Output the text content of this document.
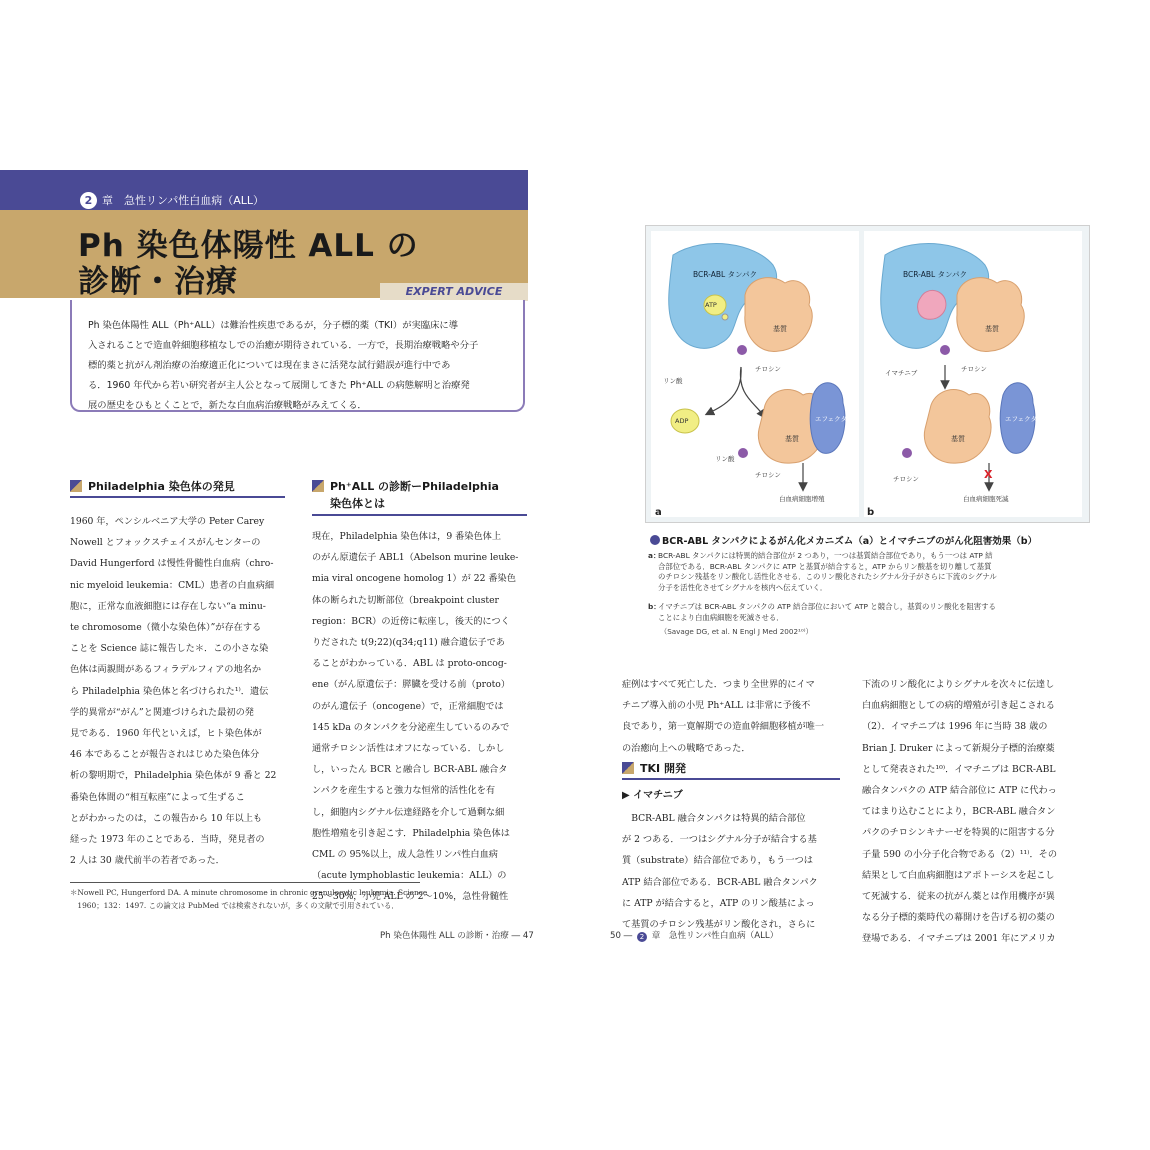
2 章　急性リンパ性白血病（ALL）
Ph 染色体陽性 ALL の
診断・治療	EXPERT ADVICE
Ph 染色体陽性 ALL（Ph⁺ALL）は難治性疾患であるが，分子標的薬（TKI）が実臨床に導
入されることで造血幹細胞移植なしでの治癒が期待されている．一方で，長期治療戦略や分子
標的薬と抗がん剤治療の治療適正化については現在まさに活発な試行錯誤が進行中であ
る．1960 年代から若い研究者が主人公となって展開してきた Ph⁺ALL の病態解明と治療発
展の歴史をひもとくことで，新たな白血病治療戦略がみえてくる．
Philadelphia 染色体の発見
1960 年，ペンシルベニア大学の Peter Carey
Nowell とフォックスチェイスがんセンターの
David Hungerford は慢性骨髄性白血病（chro-
nic myeloid leukemia：CML）患者の白血病細
胞に，正常な血液細胞には存在しない“a minu-
te chromosome（微小な染色体）”が存在する
ことを Science 誌に報告した＊．この小さな染
色体は両親間があるフィラデルフィアの地名か
ら Philadelphia 染色体と名づけられた¹⁾．遺伝
学的異常が“がん”と関連づけられた最初の発
見である．1960 年代といえば，ヒト染色体が
46 本であることが報告されはじめた染色体分
析の黎明期で，Philadelphia 染色体が 9 番と 22
番染色体間の“相互転座”によって生ずるこ
とがわかったのは，この報告から 10 年以上も
経った 1973 年のことである．当時，発見者の
2 人は 30 歳代前半の若者であった．
Ph⁺ALL の診断ーPhiladelphia
染色体とは
現在，Philadelphia 染色体は，9 番染色体上
のがん原遺伝子 ABL1（Abelson murine leuke-
mia viral oncogene homolog 1）が 22 番染色
体の断られた切断部位（breakpoint cluster
region：BCR）の近傍に転座し，後天的につく
りだされた t(9;22)(q34;q11) 融合遺伝子であ
ることがわかっている．ABL は proto-oncog-
ene（がん原遺伝子：膵臓を受ける前（proto）
のがん遺伝子（oncogene）で，正常細胞では
145 kDa のタンパクを分泌産生しているのみで
通常チロシン活性はオフになっている．しかし
し，いったん BCR と融合し BCR-ABL 融合タ
ンパクを産生すると強力な恒常的活性化を有
し，細胞内シグナル伝達経路を介して過剰な細
胞性増殖を引き起こす．Philadelphia 染色体は
CML の 95%以上，成人急性リンパ性白血病
（acute lymphoblastic leukemia：ALL）の
25〜30%，小児 ALL の 2〜10%，急性骨髄性
＊Nowell PC, Hungerford DA. A minute chromosome in chronic granulocytic leukemia. Science
　1960；132：1497. この論文は PubMed では検索されないが，多くの文献で引用されている．
Ph 染色体陽性 ALL の診断・治療 ― 47
BCR-ABL タンパク
ATP
基質
チロシン
リン酸
ADP
基質
エフェクター
リン酸
チロシン
白血病細胞増殖
a
BCR-ABL タンパク
基質
イマチニブ	チロシン
基質
エフェクター
チロシン	X
白血病細胞死滅
b
BCR-ABL タンパクによるがん化メカニズム（a）とイマチニブのがん化阻害効果（b）
a：BCR-ABL タンパクには特異的結合部位が 2 つあり，一つは基質結合部位であり，もう一つは ATP 結
合部位である．BCR-ABL タンパクに ATP と基質が結合すると，ATP からリン酸基を切り離して基質
のチロシン残基をリン酸化し活性化させる．このリン酸化されたシグナル分子がさらに下流のシグナル
分子を活性化させてシグナルを核内へ伝えていく．
b：イマチニブは BCR-ABL タンパクの ATP 結合部位において ATP と競合し，基質のリン酸化を阻害する
ことにより白血病細胞を死滅させる．
（Savage DG, et al. N Engl J Med 2002¹⁰⁾）
症例はすべて死亡した．つまり全世界的にイマ
チニブ導入前の小児 Ph⁺ALL は非常に予後不
良であり，第一寛解期での造血幹細胞移植が唯一
の治癒向上への戦略であった．
TKI 開発
▶ イマチニブ
BCR-ABL 融合タンパクは特異的結合部位
が 2 つある．一つはシグナル分子が結合する基
質（substrate）結合部位であり，もう一つは
ATP 結合部位である．BCR-ABL 融合タンパク
に ATP が結合すると，ATP のリン酸基によっ
て基質のチロシン残基がリン酸化され，さらに
下流のリン酸化によりシグナルを次々に伝達し
白血病細胞としての病的増殖が引き起こされる
（2）．イマチニブは 1996 年に当時 38 歳の
Brian J. Druker によって新規分子標的治療薬
として発表された¹⁰⁾．イマチニブは BCR-ABL
融合タンパクの ATP 結合部位に ATP に代わっ
てはまり込むことにより，BCR-ABL 融合タン
パクのチロシンキナーゼを特異的に阻害する分
子量 590 の小分子化合物である（2）¹¹⁾．その
結果として白血病細胞はアポトーシスを起こし
て死滅する．従来の抗がん薬とは作用機序が異
なる分子標的薬時代の幕開けを告げる初の薬の
登場である．イマチニブは 2001 年にアメリカ
50 ― 2 章　急性リンパ性白血病（ALL）
